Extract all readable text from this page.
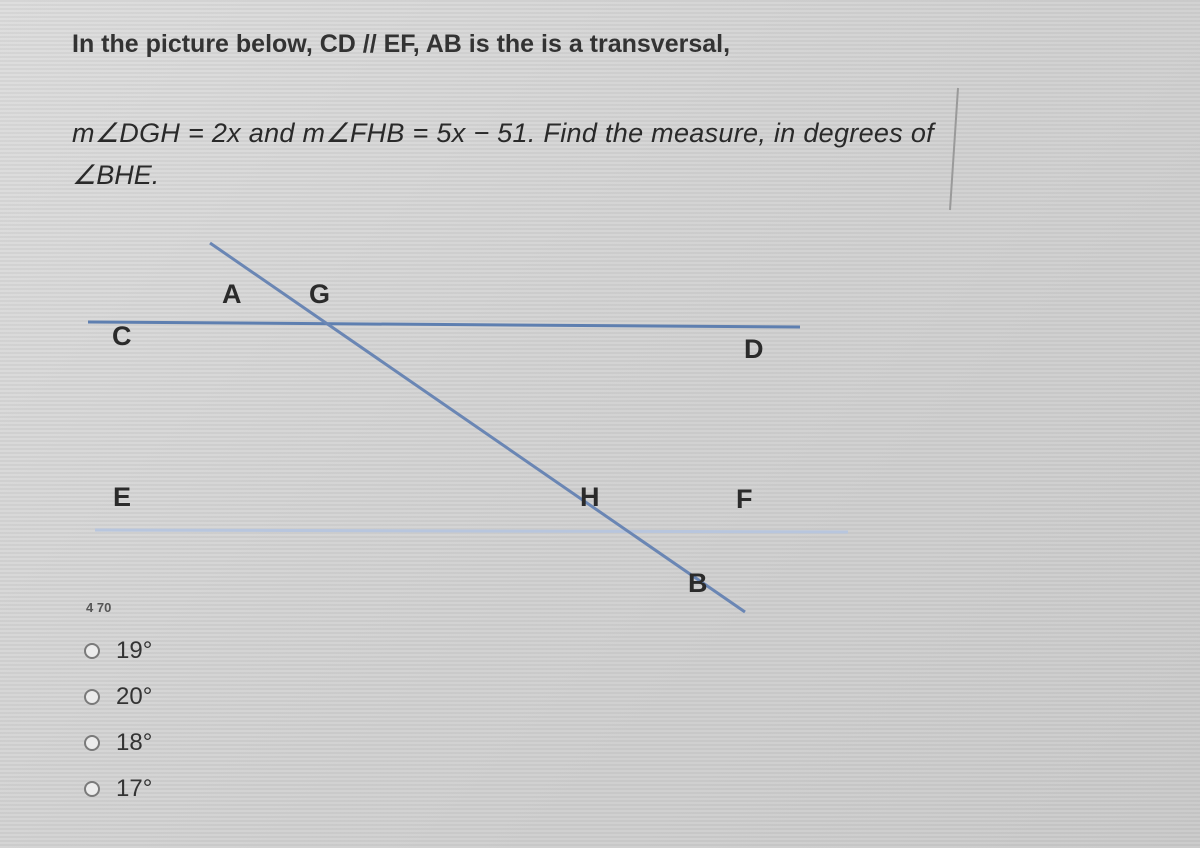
In the picture below, CD // EF, AB is the is a transversal,
m∠DGH = 2x and m∠FHB = 5x − 51. Find the measure, in degrees of
∠BHE.
A	G
C	D
E	H	F
B
4 70
19°
20°
18°
17°
